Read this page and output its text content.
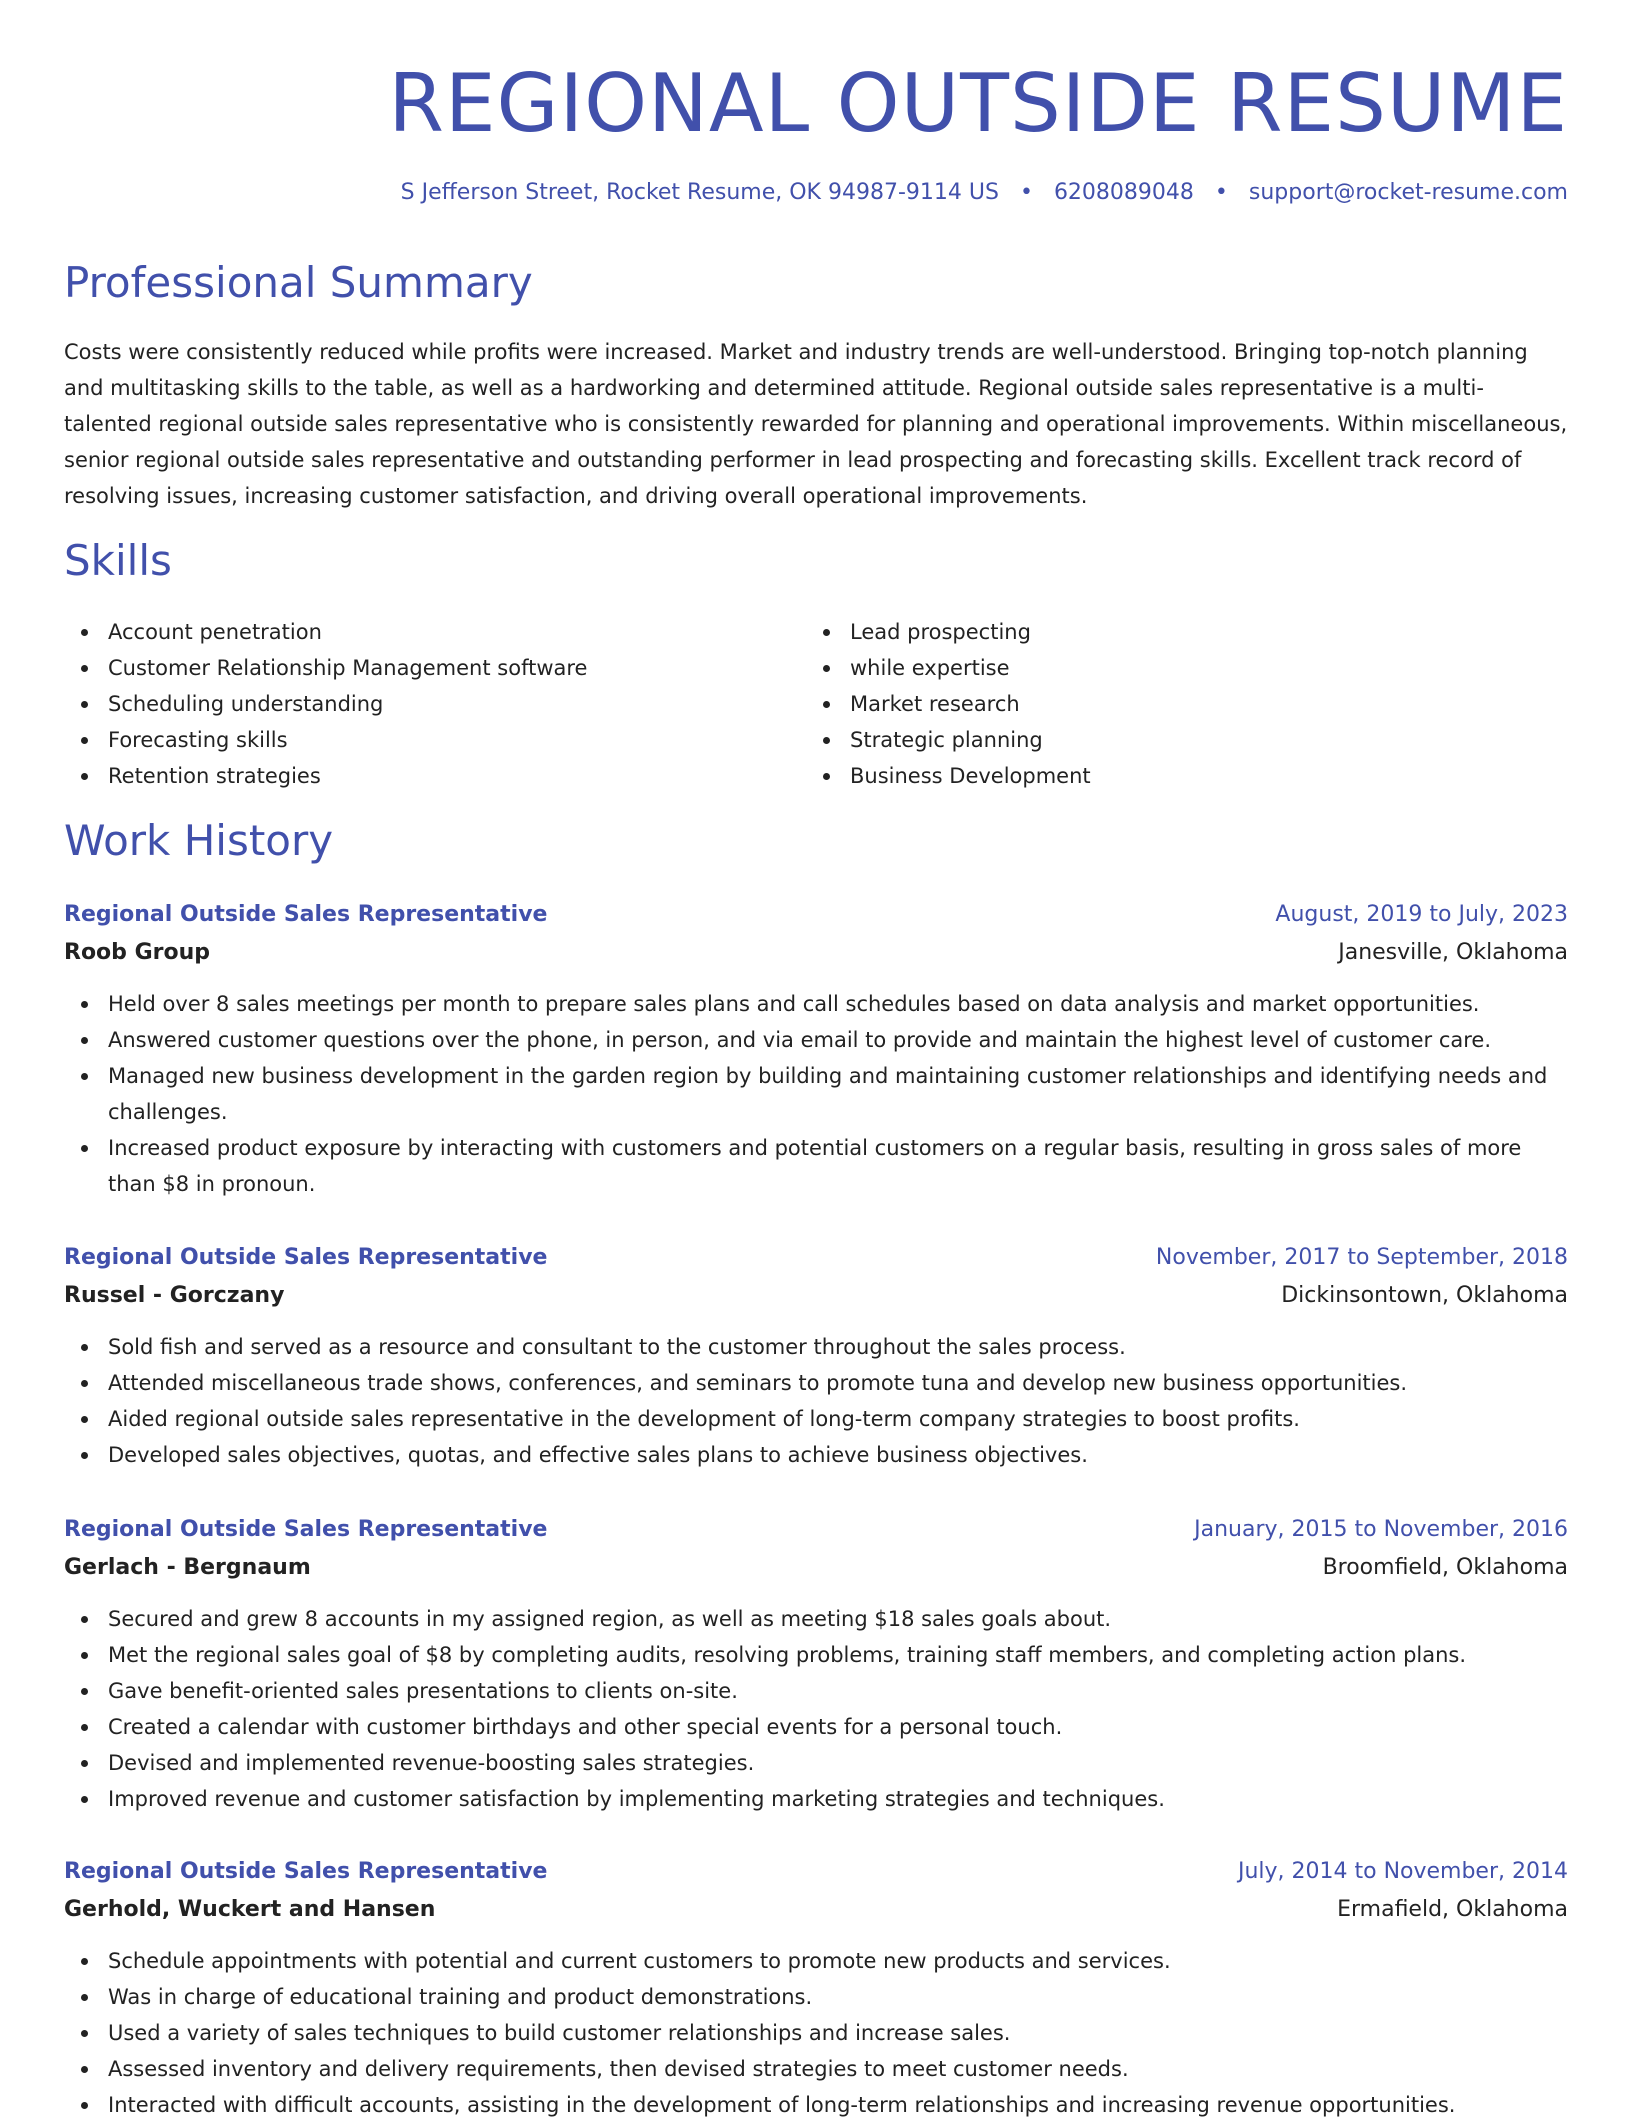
REGIONAL OUTSIDE RESUME
S Jefferson Street, Rocket Resume, OK 94987-9114 US • 6208089048 • support@rocket-resume.com
Professional Summary

Costs were consistently reduced while profits were increased. Market and industry trends are well-understood. Bringing top-notch planning and multitasking skills to the table, as well as a hardworking and determined attitude. Regional outside sales representative is a multi-talented regional outside sales representative who is consistently rewarded for planning and operational improvements. Within miscellaneous, senior regional outside sales representative and outstanding performer in lead prospecting and forecasting skills. Excellent track record of resolving issues, increasing customer satisfaction, and driving overall operational improvements.

Skills
Account penetration
Customer Relationship Management software
Scheduling understanding
Forecasting skills
Retention strategies
Lead prospecting
while expertise
Market research
Strategic planning
Business Development
Work History
Regional Outside Sales Representative	August, 2019 to July, 2023
Roob Group	Janesville, Oklahoma
Held over 8 sales meetings per month to prepare sales plans and call schedules based on data analysis and market opportunities.
Answered customer questions over the phone, in person, and via email to provide and maintain the highest level of customer care.
Managed new business development in the garden region by building and maintaining customer relationships and identifying needs and challenges.
Increased product exposure by interacting with customers and potential customers on a regular basis, resulting in gross sales of more than $8 in pronoun.
Regional Outside Sales Representative	November, 2017 to September, 2018
Russel - Gorczany	Dickinsontown, Oklahoma
Sold fish and served as a resource and consultant to the customer throughout the sales process.
Attended miscellaneous trade shows, conferences, and seminars to promote tuna and develop new business opportunities.
Aided regional outside sales representative in the development of long-term company strategies to boost profits.
Developed sales objectives, quotas, and effective sales plans to achieve business objectives.
Regional Outside Sales Representative	January, 2015 to November, 2016
Gerlach - Bergnaum	Broomfield, Oklahoma
Secured and grew 8 accounts in my assigned region, as well as meeting $18 sales goals about.
Met the regional sales goal of $8 by completing audits, resolving problems, training staff members, and completing action plans.
Gave benefit-oriented sales presentations to clients on-site.
Created a calendar with customer birthdays and other special events for a personal touch.
Devised and implemented revenue-boosting sales strategies.
Improved revenue and customer satisfaction by implementing marketing strategies and techniques.
Regional Outside Sales Representative	July, 2014 to November, 2014
Gerhold, Wuckert and Hansen	Ermafield, Oklahoma
Schedule appointments with potential and current customers to promote new products and services.
Was in charge of educational training and product demonstrations.
Used a variety of sales techniques to build customer relationships and increase sales.
Assessed inventory and delivery requirements, then devised strategies to meet customer needs.
Interacted with difficult accounts, assisting in the development of long-term relationships and increasing revenue opportunities.
